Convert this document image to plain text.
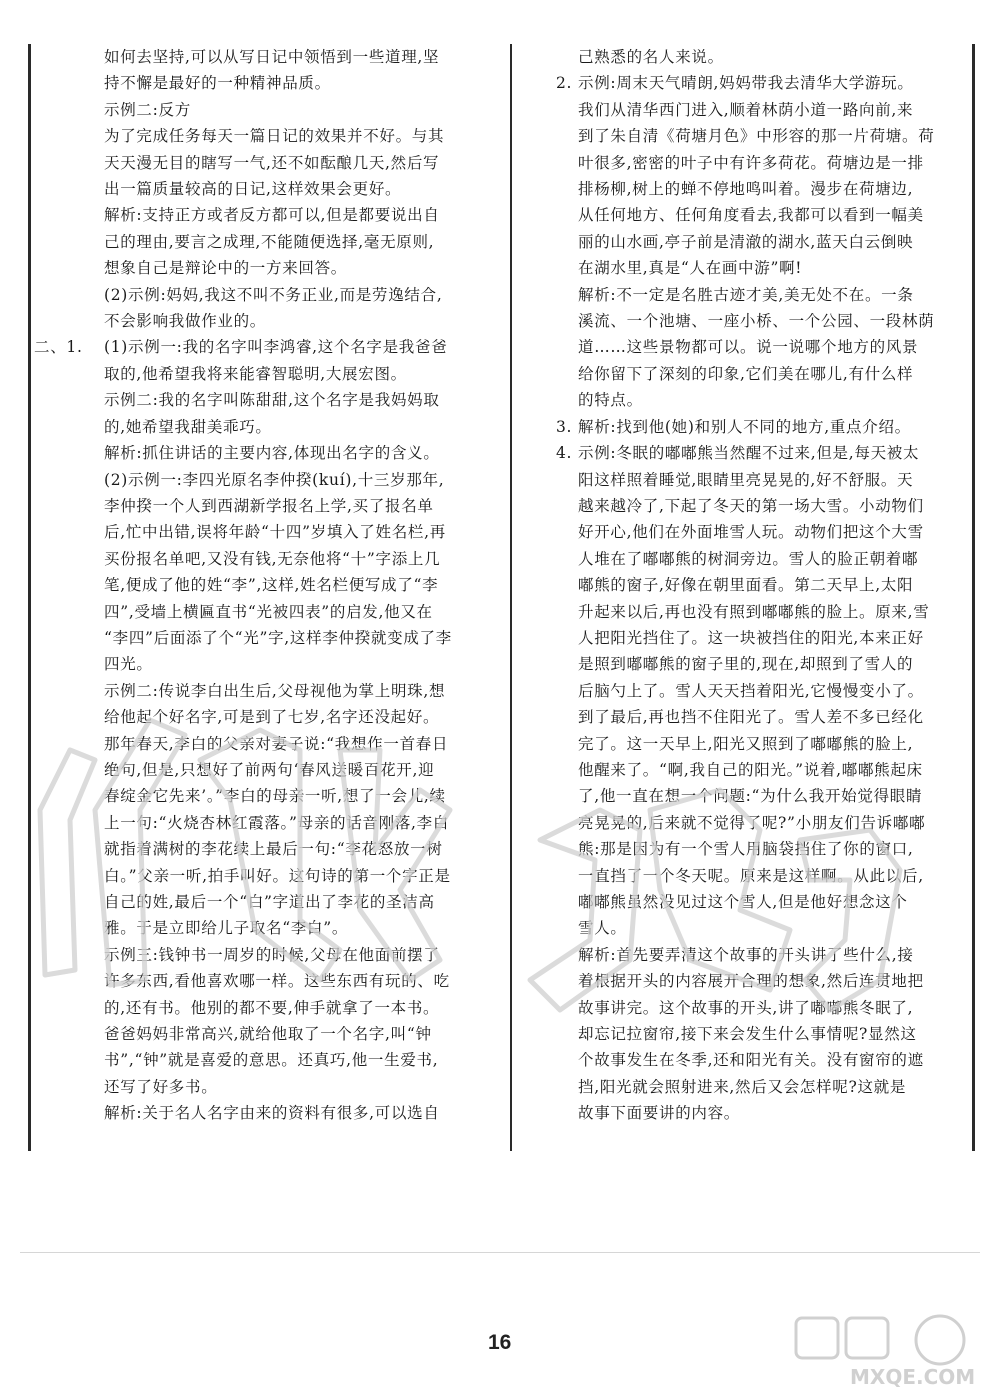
如何去坚持,可以从写日记中领悟到一些道理,坚
持不懈是最好的一种精神品质。
示例二:反方
为了完成任务每天一篇日记的效果并不好。与其
天天漫无目的瞎写一气,还不如酝酿几天,然后写
出一篇质量较高的日记,这样效果会更好。
解析:支持正方或者反方都可以,但是都要说出自
己的理由,要言之成理,不能随便选择,毫无原则,
想象自己是辩论中的一方来回答。
(2)示例:妈妈,我这不叫不务正业,而是劳逸结合,
不会影响我做作业的。
二、1. (1)示例一:我的名字叫李鸿睿,这个名字是我爸爸
取的,他希望我将来能睿智聪明,大展宏图。
示例二:我的名字叫陈甜甜,这个名字是我妈妈取
的,她希望我甜美乖巧。
解析:抓住讲话的主要内容,体现出名字的含义。
(2)示例一:李四光原名李仲揆(kuí),十三岁那年,
李仲揆一个人到西湖新学报名上学,买了报名单
后,忙中出错,误将年龄“十四”岁填入了姓名栏,再
买份报名单吧,又没有钱,无奈他将“十”字添上几
笔,便成了他的姓“李”,这样,姓名栏便写成了“李
四”,受墙上横匾直书“光被四表”的启发,他又在
“李四”后面添了个“光”字,这样李仲揆就变成了李
四光。
示例二:传说李白出生后,父母视他为掌上明珠,想
给他起个好名字,可是到了七岁,名字还没起好。
那年春天,李白的父亲对妻子说:“我想作一首春日
绝句,但是,只想好了前两句‘春风送暖百花开,迎
春绽金它先来’。”李白的母亲一听,想了一会儿,续
上一句:“火烧杏林红霞落。”母亲的话音刚落,李白
就指着满树的李花续上最后一句:“李花怒放一树
白。”父亲一听,拍手叫好。这句诗的第一个字正是
自己的姓,最后一个“白”字道出了李花的圣洁高
雅。于是立即给儿子取名“李白”。
示例三:钱钟书一周岁的时候,父母在他面前摆了
许多东西,看他喜欢哪一样。这些东西有玩的、吃
的,还有书。他别的都不要,伸手就拿了一本书。
爸爸妈妈非常高兴,就给他取了一个名字,叫“钟
书”,“钟”就是喜爱的意思。还真巧,他一生爱书,
还写了好多书。
解析:关于名人名字由来的资料有很多,可以选自
己熟悉的名人来说。
2. 示例:周末天气晴朗,妈妈带我去清华大学游玩。
我们从清华西门进入,顺着林荫小道一路向前,来
到了朱自清《荷塘月色》中形容的那一片荷塘。荷
叶很多,密密的叶子中有许多荷花。荷塘边是一排
排杨柳,树上的蝉不停地鸣叫着。漫步在荷塘边,
从任何地方、任何角度看去,我都可以看到一幅美
丽的山水画,亭子前是清澈的湖水,蓝天白云倒映
在湖水里,真是“人在画中游”啊!
解析:不一定是名胜古迹才美,美无处不在。一条
溪流、一个池塘、一座小桥、一个公园、一段林荫
道……这些景物都可以。说一说哪个地方的风景
给你留下了深刻的印象,它们美在哪儿,有什么样
的特点。
3. 解析:找到他(她)和别人不同的地方,重点介绍。
4. 示例:冬眠的嘟嘟熊当然醒不过来,但是,每天被太
阳这样照着睡觉,眼睛里亮晃晃的,好不舒服。天
越来越冷了,下起了冬天的第一场大雪。小动物们
好开心,他们在外面堆雪人玩。动物们把这个大雪
人堆在了嘟嘟熊的树洞旁边。雪人的脸正朝着嘟
嘟熊的窗子,好像在朝里面看。第二天早上,太阳
升起来以后,再也没有照到嘟嘟熊的脸上。原来,雪
人把阳光挡住了。这一块被挡住的阳光,本来正好
是照到嘟嘟熊的窗子里的,现在,却照到了雪人的
后脑勺上了。雪人天天挡着阳光,它慢慢变小了。
到了最后,再也挡不住阳光了。雪人差不多已经化
完了。这一天早上,阳光又照到了嘟嘟熊的脸上,
他醒来了。“啊,我自己的阳光。”说着,嘟嘟熊起床
了,他一直在想一个问题:“为什么我开始觉得眼睛
亮晃晃的,后来就不觉得了呢?”小朋友们告诉嘟嘟
熊:那是因为有一个雪人用脑袋挡住了你的窗口,
一直挡了一个冬天呢。原来是这样啊。从此以后,
嘟嘟熊虽然没见过这个雪人,但是他好想念这个
雪人。
解析:首先要弄清这个故事的开头讲了些什么,接
着根据开头的内容展开合理的想象,然后连贯地把
故事讲完。这个故事的开头,讲了嘟嘟熊冬眠了,
却忘记拉窗帘,接下来会发生什么事情呢?显然这
个故事发生在冬季,还和阳光有关。没有窗帘的遮
挡,阳光就会照射进来,然后又会怎样呢?这就是
故事下面要讲的内容。
16
MXQE.COM
